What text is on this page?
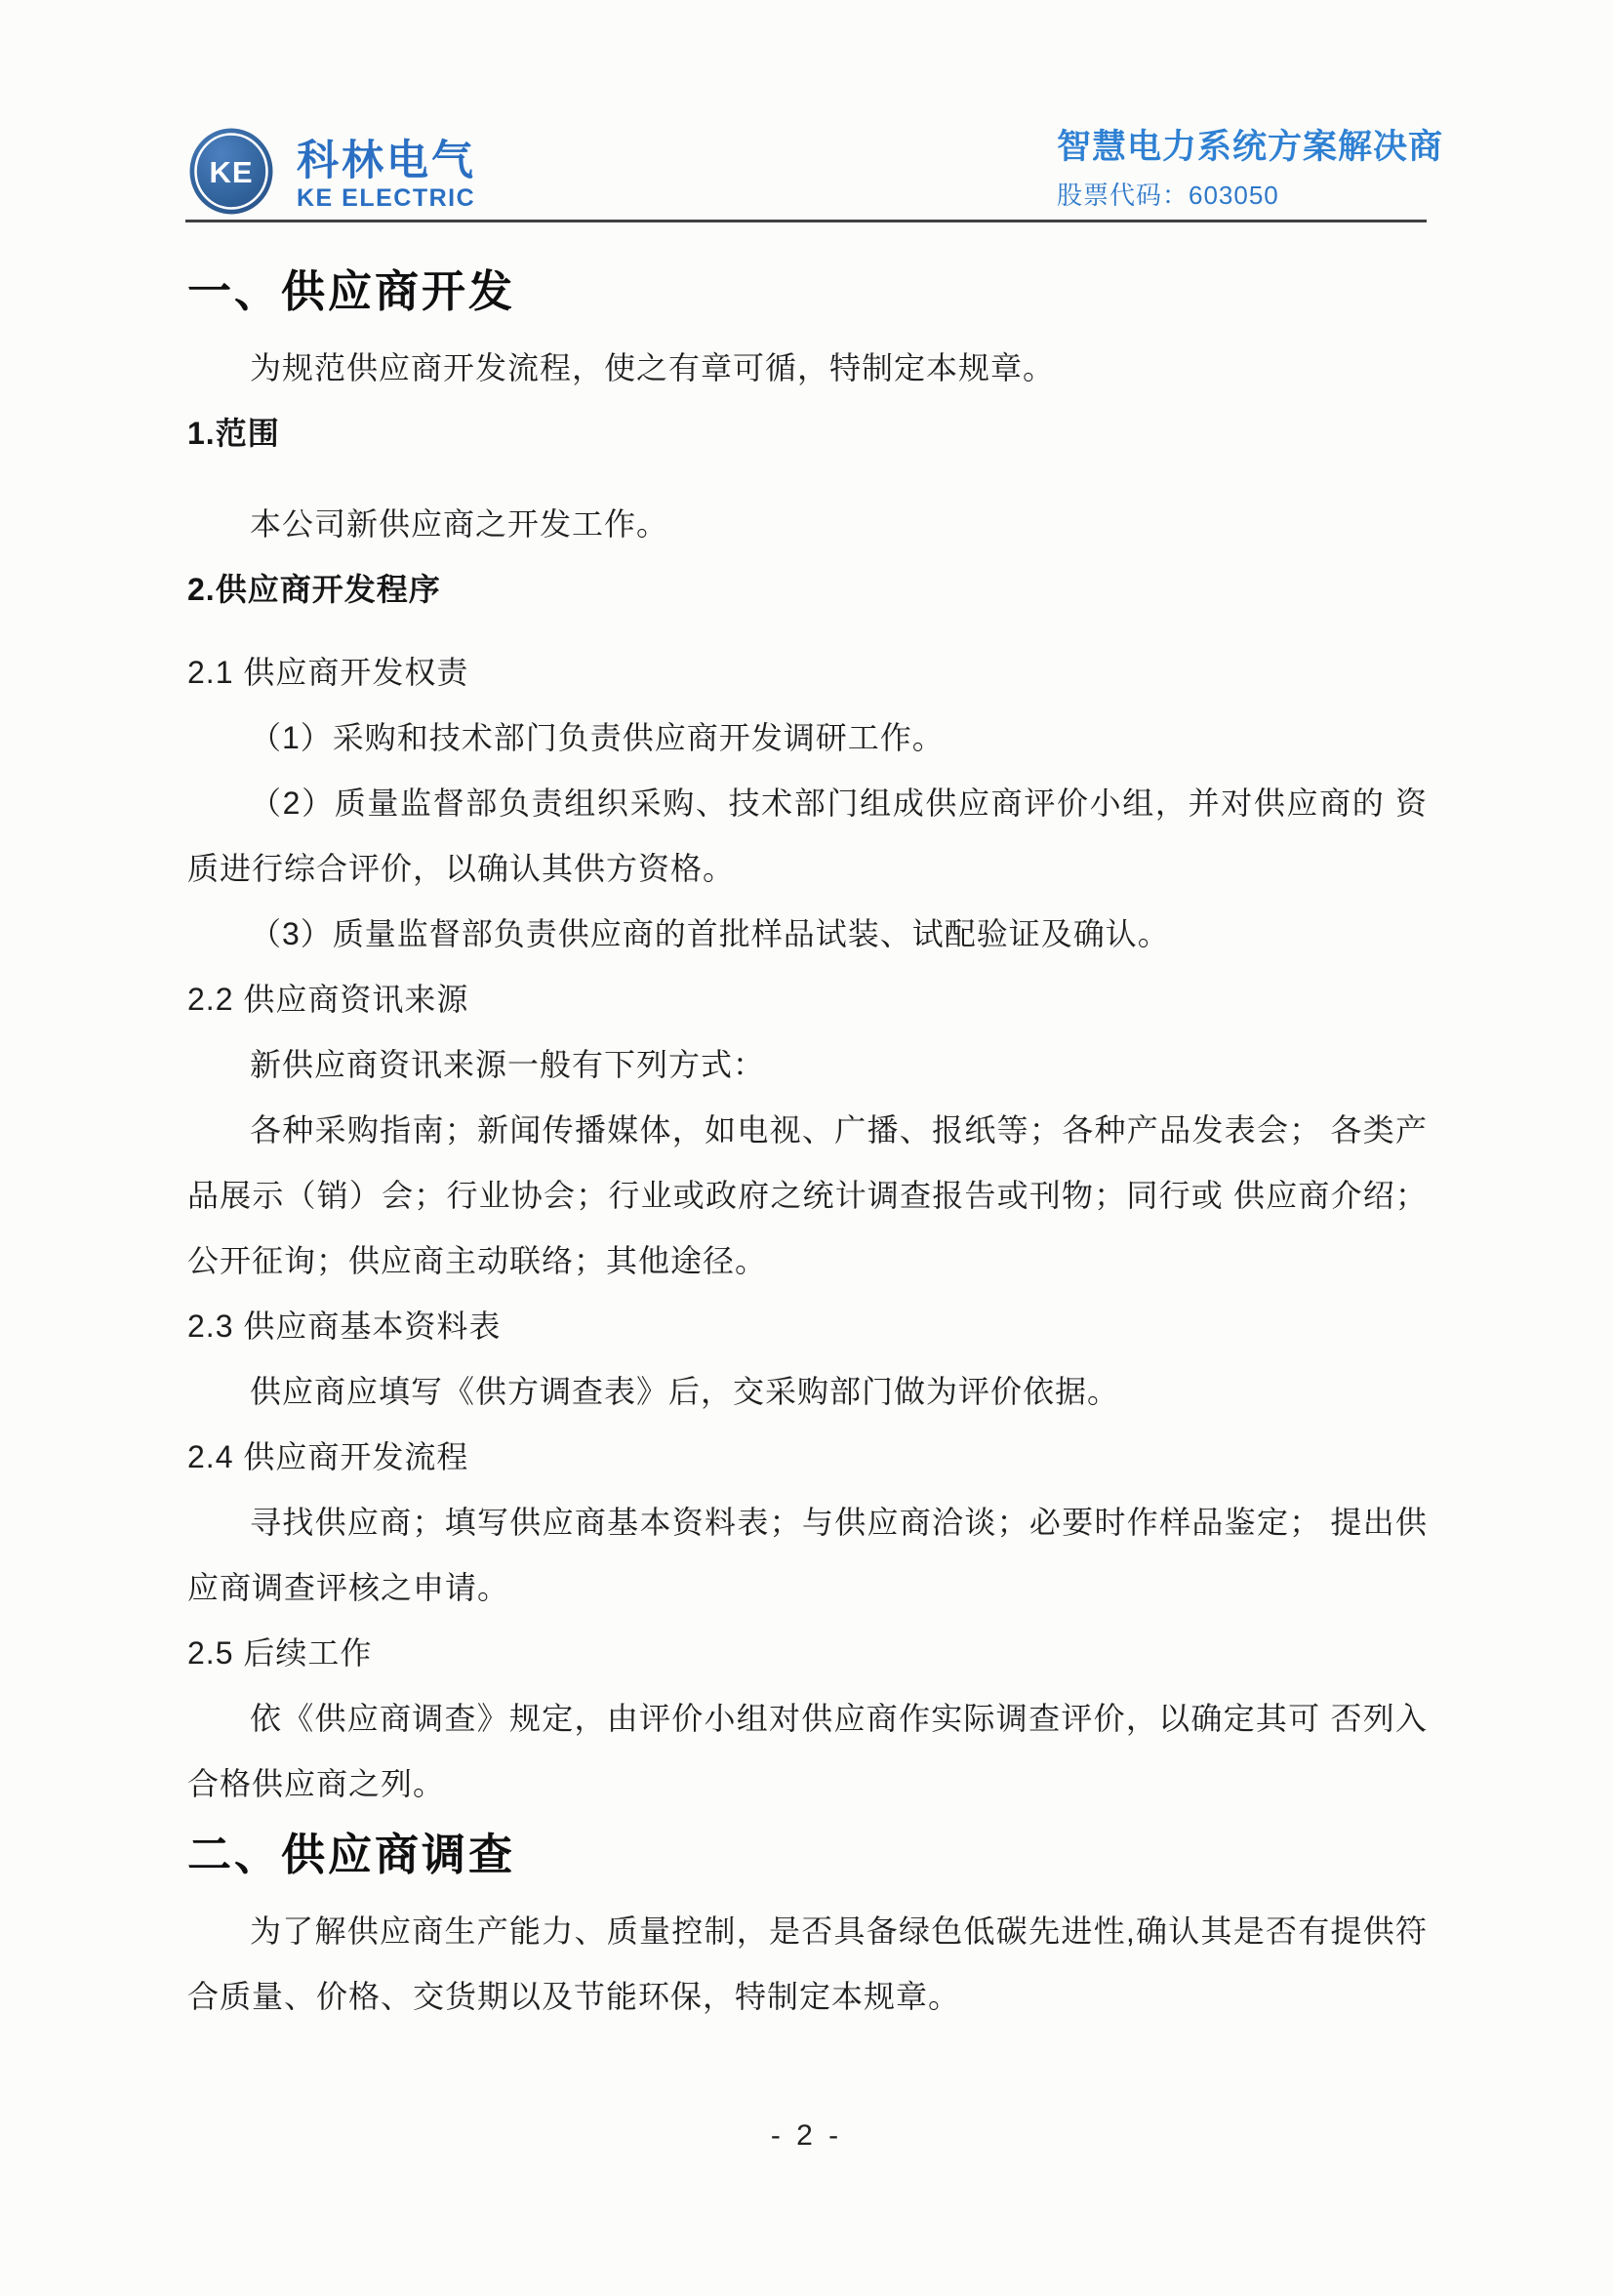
KE 科林电气
KE ELECTRIC
智慧电力系统方案解决商
股票代码：603050
一、供应商开发
为规范供应商开发流程，使之有章可循，特制定本规章。
1.范围
本公司新供应商之开发工作。
2.供应商开发程序
2.1 供应商开发权责
（1）采购和技术部门负责供应商开发调研工作。
（2）质量监督部负责组织采购、技术部门组成供应商评价小组，并对供应商的 资
质进行综合评价，以确认其供方资格。
（3）质量监督部负责供应商的首批样品试装、试配验证及确认。
2.2 供应商资讯来源
新供应商资讯来源一般有下列方式：
各种采购指南；新闻传播媒体，如电视、广播、报纸等；各种产品发表会； 各类产
品展示（销）会；行业协会；行业或政府之统计调查报告或刊物；同行或 供应商介绍；
公开征询；供应商主动联络；其他途径。
2.3 供应商基本资料表
供应商应填写《供方调查表》后，交采购部门做为评价依据。
2.4 供应商开发流程
寻找供应商；填写供应商基本资料表；与供应商洽谈；必要时作样品鉴定； 提出供
应商调查评核之申请。
2.5 后续工作
依《供应商调查》规定，由评价小组对供应商作实际调查评价，以确定其可 否列入
合格供应商之列。
二、供应商调查
为了解供应商生产能力、质量控制，是否具备绿色低碳先进性,确认其是否有提供符
合质量、价格、交货期以及节能环保，特制定本规章。
- 2 -
